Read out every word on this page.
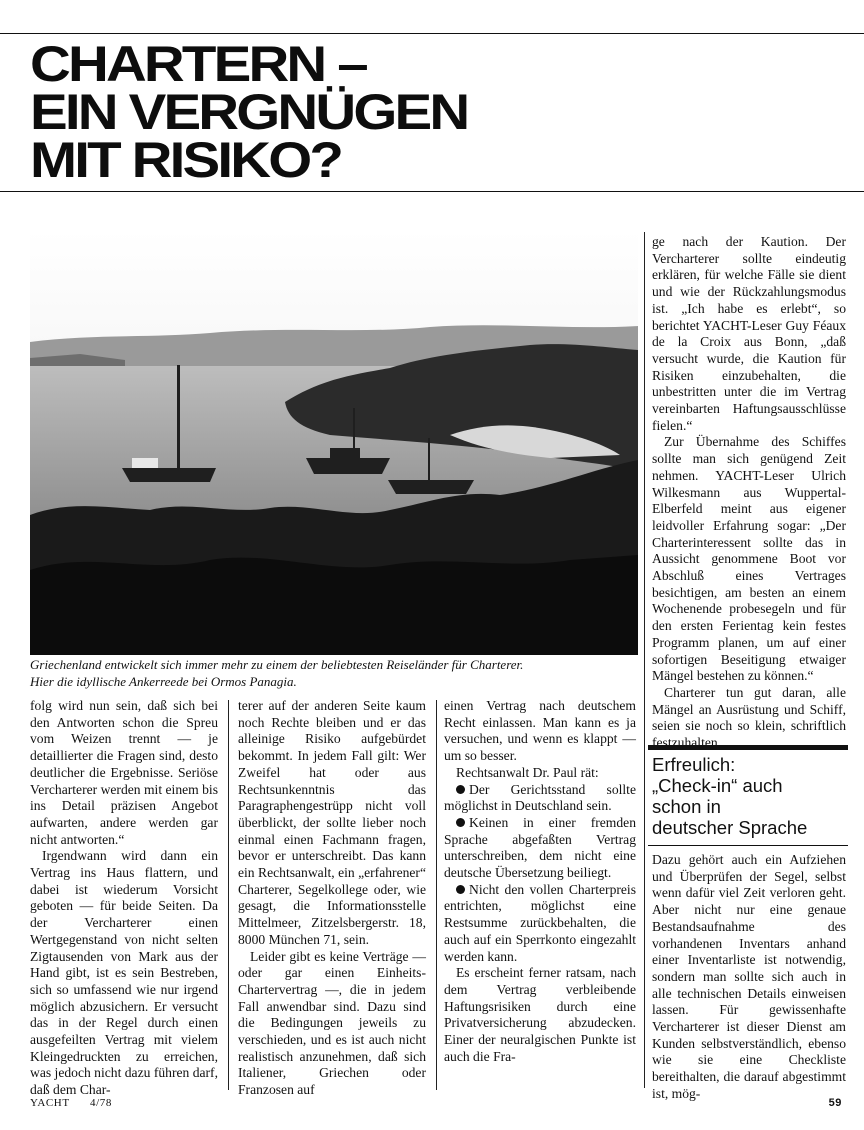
CHARTERN –
EIN VERGNÜGEN
MIT RISIKO?
Griechenland entwickelt sich immer mehr zu einem der beliebtesten Reiseländer für Charterer.
Hier die idyllische Ankerreede bei Ormos Panagia.

folg wird nun sein, daß sich bei den Antworten schon die Spreu vom Weizen trennt — je detaillierter die Fragen sind, desto deutlicher die Ergebnisse. Seriöse Vercharterer werden mit einem bis ins Detail präzisen Angebot aufwarten, andere werden gar nicht antworten.“

Irgendwann wird dann ein Vertrag ins Haus flattern, und dabei ist wiederum Vorsicht geboten — für beide Seiten. Da der Vercharterer einen Wertgegenstand von nicht selten Zigtausenden von Mark aus der Hand gibt, ist es sein Bestreben, sich so umfassend wie nur irgend möglich abzusichern. Er versucht das in der Regel durch einen ausgefeilten Vertrag mit vielem Kleingedruckten zu erreichen, was jedoch nicht dazu führen darf, daß dem Char-

terer auf der anderen Seite kaum noch Rechte bleiben und er das alleinige Risiko aufgebürdet bekommt. In jedem Fall gilt: Wer Zweifel hat oder aus Rechtsunkenntnis das Paragraphengestrüpp nicht voll überblickt, der sollte lieber noch einmal einen Fachmann fragen, bevor er unterschreibt. Das kann ein Rechtsanwalt, ein „erfahrener“ Charterer, Segelkollege oder, wie gesagt, die Informationsstelle Mittelmeer, Zitzelsbergerstr. 18, 8000 München 71, sein.

Leider gibt es keine Verträge — oder gar einen Einheits-Chartervertrag —, die in jedem Fall anwendbar sind. Dazu sind die Bedingungen jeweils zu verschieden, und es ist auch nicht realistisch anzunehmen, daß sich Italiener, Griechen oder Franzosen auf

einen Vertrag nach deutschem Recht einlassen. Man kann es ja versuchen, und wenn es klappt — um so besser.

Rechtsanwalt Dr. Paul rät:

Der Gerichtsstand sollte möglichst in Deutschland sein.

Keinen in einer fremden Sprache abgefaßten Vertrag unterschreiben, dem nicht eine deutsche Übersetzung beiliegt.

Nicht den vollen Charterpreis entrichten, möglichst eine Restsumme zurückbehalten, die auch auf ein Sperrkonto eingezahlt werden kann.

Es erscheint ferner ratsam, nach dem Vertrag verbleibende Haftungsrisiken durch eine Privatversicherung abzudecken. Einer der neuralgischen Punkte ist auch die Fra-

ge nach der Kaution. Der Vercharterer sollte eindeutig erklären, für welche Fälle sie dient und wie der Rückzahlungsmodus ist. „Ich habe es erlebt“, so berichtet YACHT-Leser Guy Féaux de la Croix aus Bonn, „daß versucht wurde, die Kaution für Risiken einzubehalten, die unbestritten unter die im Vertrag vereinbarten Haftungsausschlüsse fielen.“

Zur Übernahme des Schiffes sollte man sich genügend Zeit nehmen. YACHT-Leser Ulrich Wilkesmann aus Wuppertal-Elberfeld meint aus eigener leidvoller Erfahrung sogar: „Der Charterinteressent sollte das in Aussicht genommene Boot vor Abschluß eines Vertrages besichtigen, am besten an einem Wochenende probesegeln und für den ersten Ferientag kein festes Programm planen, um auf einer sofortigen Beseitigung etwaiger Mängel bestehen zu können.“

Charterer tun gut daran, alle Mängel an Ausrüstung und Schiff, seien sie noch so klein, schriftlich festzuhalten.

Erfreulich:
„Check-in“ auch
schon in
deutscher Sprache

Dazu gehört auch ein Aufziehen und Überprüfen der Segel, selbst wenn dafür viel Zeit verloren geht. Aber nicht nur eine genaue Bestandsaufnahme des vorhandenen Inventars anhand einer Inventarliste ist notwendig, sondern man sollte sich auch in alle technischen Details einweisen lassen. Für gewissenhafte Vercharterer ist dieser Dienst am Kunden selbstverständlich, ebenso wie sie eine Checkliste bereithalten, die darauf abgestimmt ist, mög-

YACHT 4/78	59
